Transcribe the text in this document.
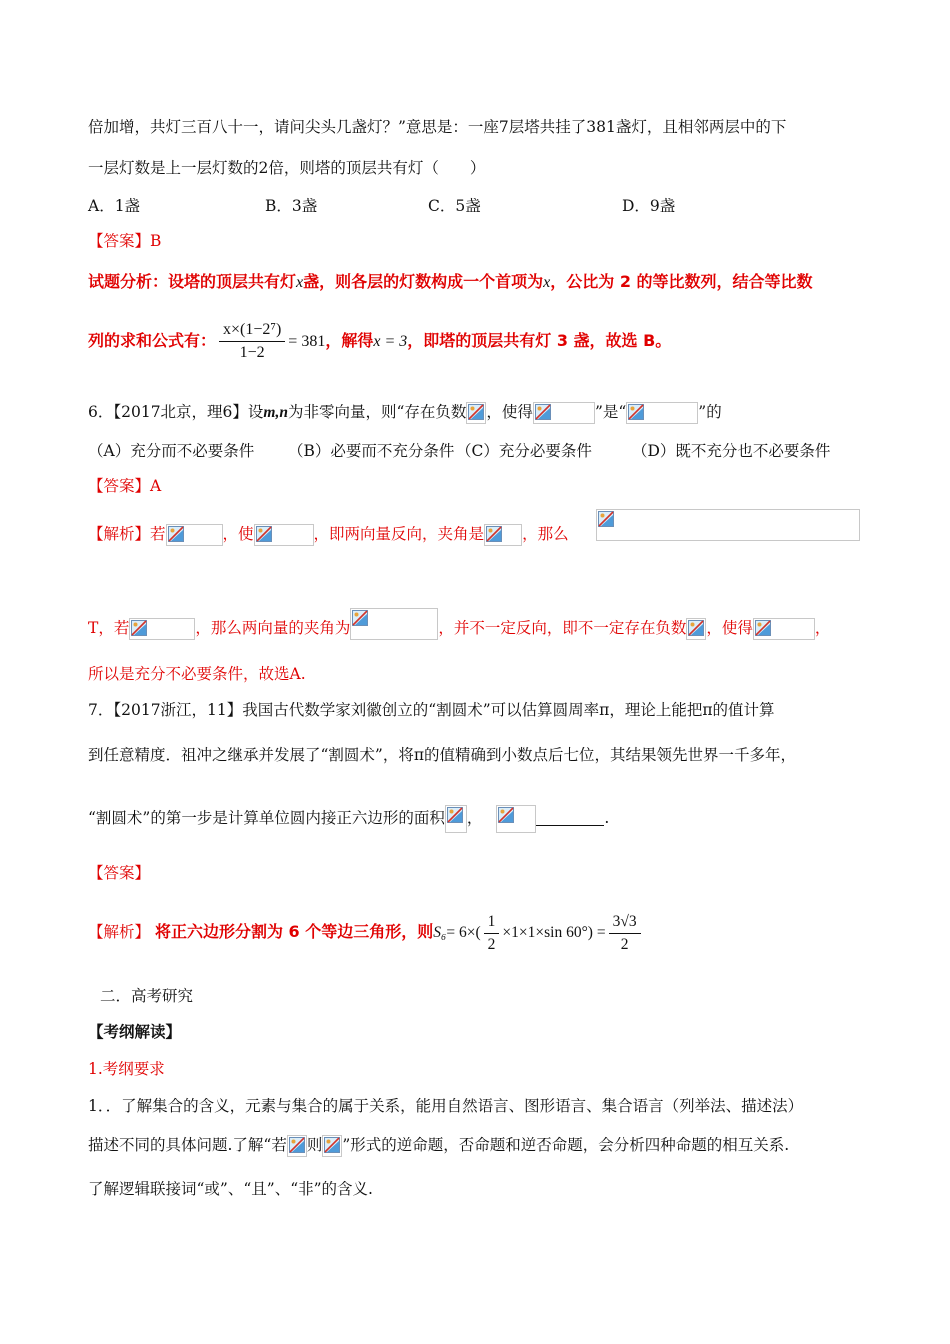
倍加增，共灯三百八十一，请问尖头几盏灯？”意思是：一座7层塔共挂了381盏灯，且相邻两层中的下
一层灯数是上一层灯数的2倍，则塔的顶层共有灯（　　）
A．1盏	B．3盏	C．5盏	D．9盏
【答案】B
试题分析：设塔的顶层共有灯x盏，则各层的灯数构成一个首项为x，公比为 2 的等比数列，结合等比数
列的求和公式有： $\frac{\text{x×(1−2⁷)}}{1-2} = 381$，解得x = 3，即塔的顶层共有灯 3 盏，故选 B。
6．【2017北京，理6】设m,n为非零向量，则“存在负数 ，使得	”是“	”的
（A）充分而不必要条件 （B）必要而不充分条件 （C）充分必要条件	（D）既不充分也不必要条件
【答案】A
【解析】若	，使	，即两向量反向，夹角是 ，那么
T，若	，那么两向量的夹角为	，并不一定反向，即不一定存在负数 ，使得	，
所以是充分不必要条件，故选A.
7．【2017浙江，11】我国古代数学家刘徽创立的“割圆术”可以估算圆周率π，理论上能把π的值计算
到任意精度．祖冲之继承并发展了“割圆术”，将π的值精确到小数点后七位，其结果领先世界一千多年，
“割圆术”的第一步是计算单位圆内接正六边形的面积 ，	.
【答案】
【解析】 将正六边形分割为 6 个等边三角形，则$S_6= 6\times( \frac{1}{2} \times 1\times 1\times\sin$ $60^\circ) = \frac{3√3}{2}$
二．高考研究
【考纲解读】
1.考纲要求
1．．了解集合的含义，元素与集合的属于关系，能用自然语言、图形语言、集合语言（列举法、描述法）
描述不同的具体问题.了解“若 则 ”形式的逆命题，否命题和逆否命题，会分析四种命题的相互关系.
了解逻辑联接词“或”、“且”、“非”的含义.
